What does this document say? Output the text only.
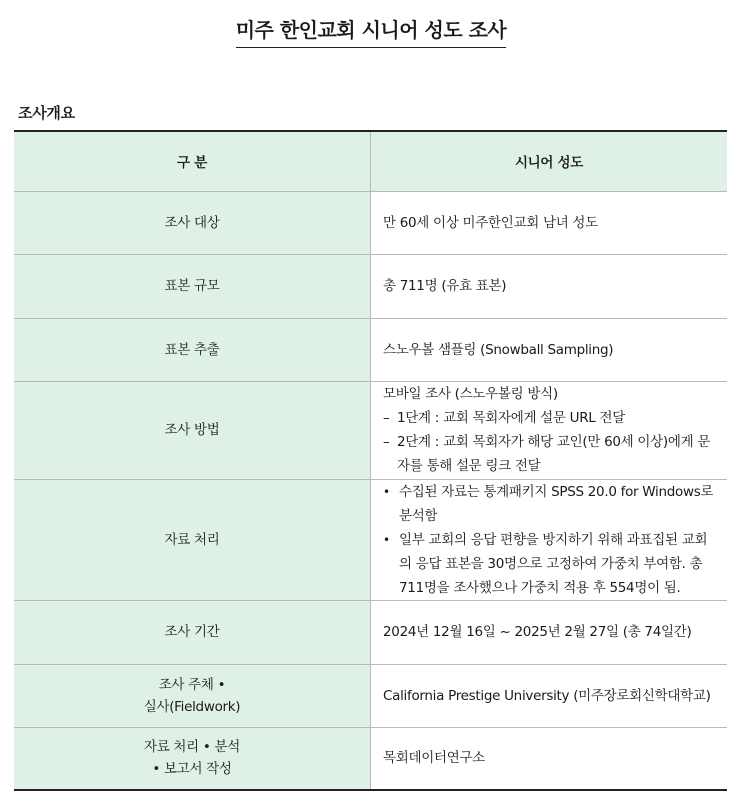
미주 한인교회 시니어 성도 조사
조사개요
구 분	시니어 성도
조사 대상	만 60세 이상 미주한인교회 남녀 성도
표본 규모	총 711명 (유효 표본)
표본 추출	스노우볼 샘플링 (Snowball Sampling)
조사 방법	모바일 조사 (스노우볼링 방식)
– 1단계 : 교회 목회자에게 설문 URL 전달
– 2단계 : 교회 목회자가 해당 교인(만 60세 이상)에게 문자를 통해 설문 링크 전달

자료 처리	• 수집된 자료는 통계패키지 SPSS 20.0 for Windows로 분석함
• 일부 교회의 응답 편향을 방지하기 위해 과표집된 교회의 응답 표본을 30명으로 고정하여 가중치 부여함. 총 711명을 조사했으나 가중치 적용 후 554명이 됨.

조사 기간	2024년 12월 16일 ~ 2025년 2월 27일 (총 74일간)

조사 주체 •
실사(Fieldwork)	California Prestige University (미주장로회신학대학교)

자료 처리 • 분석
• 보고서 작성	목회데이터연구소
